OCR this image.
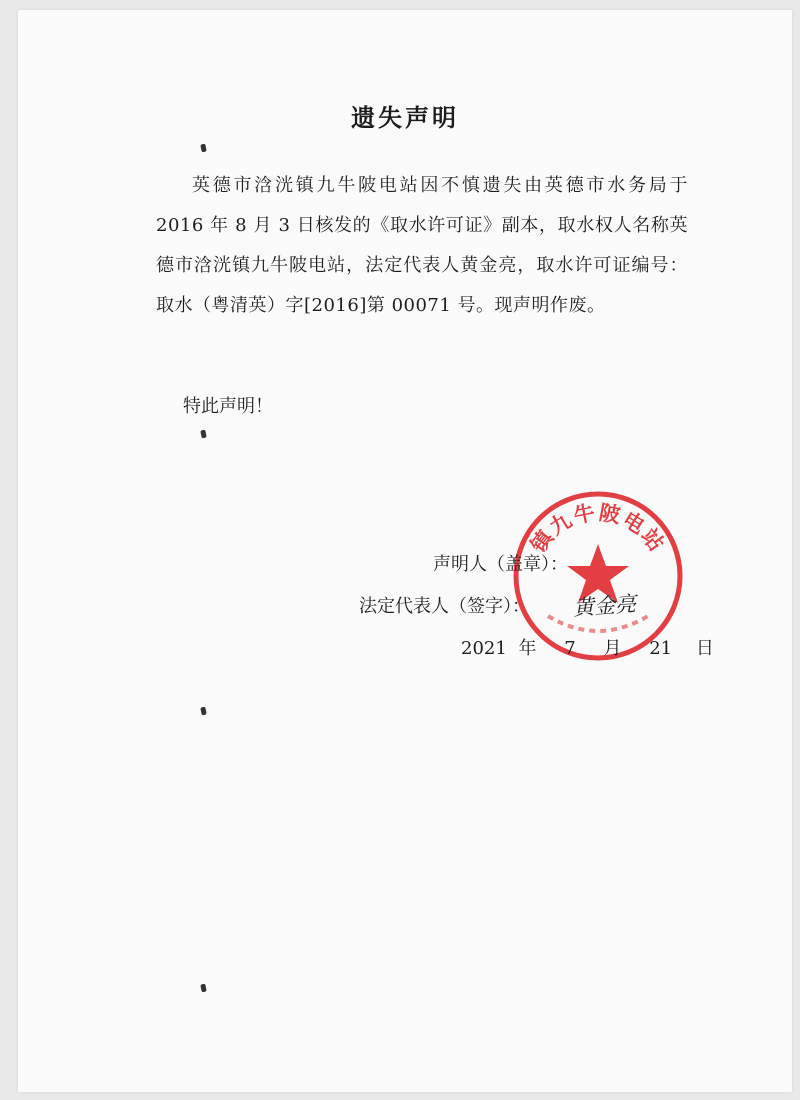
遗失声明

英德市浛洸镇九牛陂电站因不慎遗失由英德市水务局于 2016 年 8 月 3 日核发的《取水许可证》副本，取水权人名称英德市浛洸镇九牛陂电站，法定代表人黄金亮，取水许可证编号：取水（粤清英）字[2016]第 00071 号。现声明作废。

特此声明！
镇九牛陂电站
声明人（盖章）：
法定代表人（签字）： 黄金亮
2021 年 7 月 21 日
